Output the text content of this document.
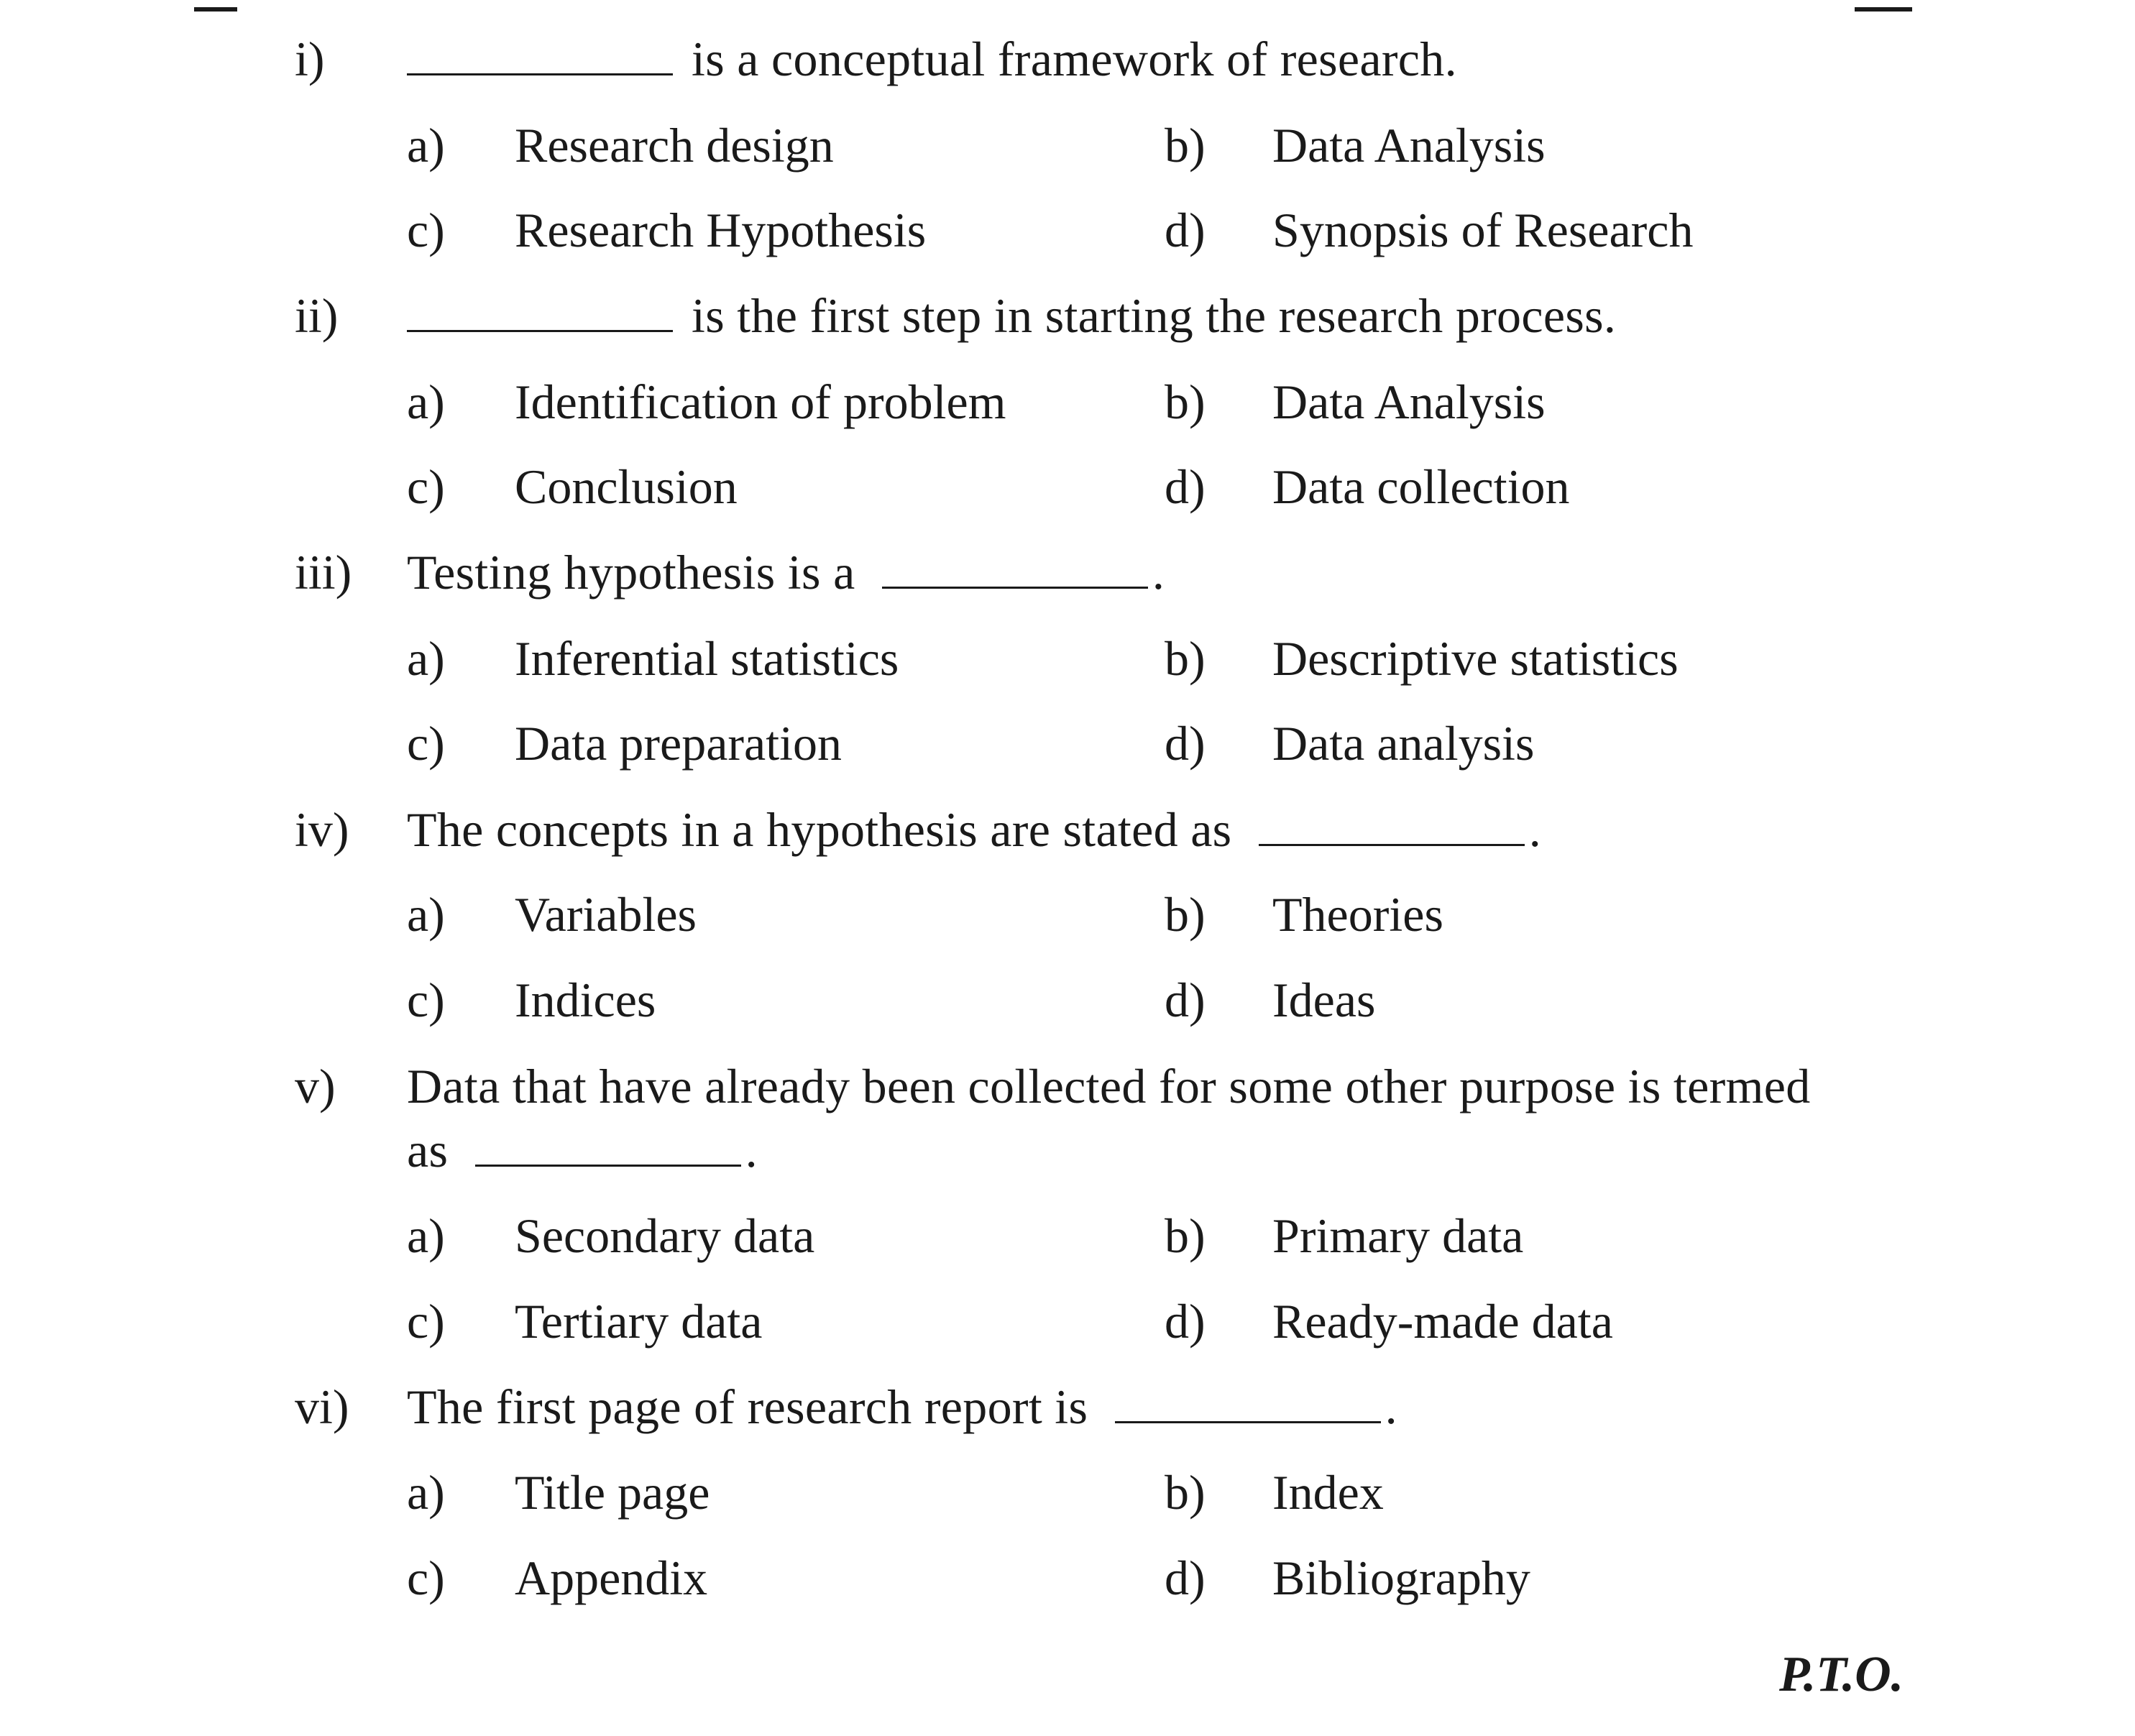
i)	is a conceptual framework of research.
a) Research design	b) Data Analysis
c) Research Hypothesis	d) Synopsis of Research
ii)	is the first step in starting the research process.
a) Identification of problem	b) Data Analysis
c) Conclusion	d) Data collection
iii) Testing hypothesis is a	.
a) Inferential statistics	b) Descriptive statistics
c) Data preparation	d) Data analysis
iv) The concepts in a hypothesis are stated as	.
a) Variables	b) Theories
c) Indices	d) Ideas
v) Data that have already been collected for some other purpose is termed
as	.
a) Secondary data	b) Primary data
c) Tertiary data	d) Ready-made data
vi) The first page of research report is	.
a) Title page	b) Index
c) Appendix	d) Bibliography
P.T.O.
